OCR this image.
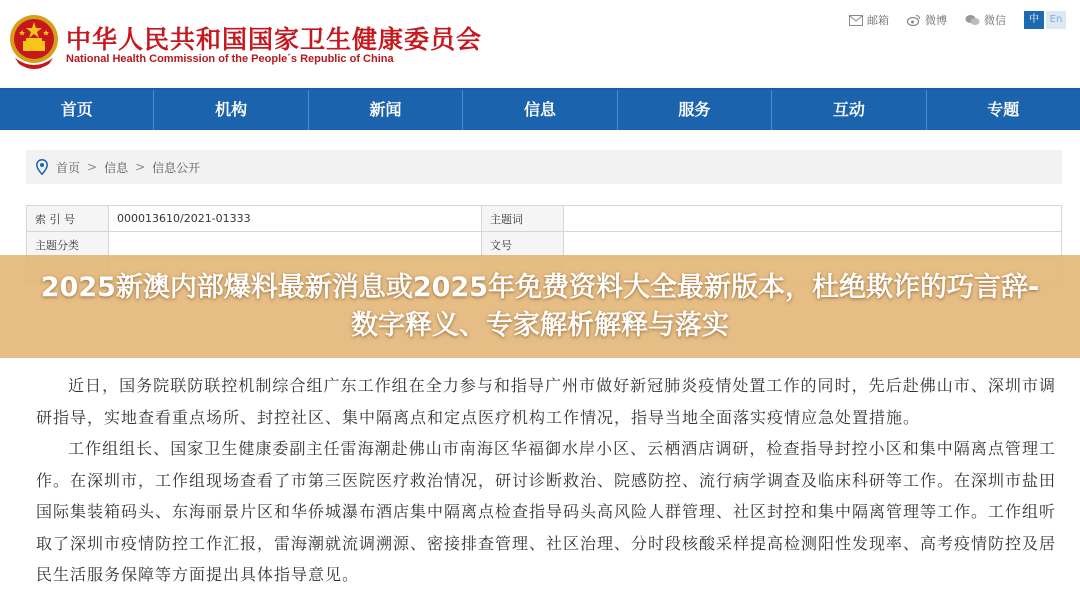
中华人民共和国国家卫生健康委员会
National Health Commission of the People´s Republic of China
邮箱	微博	微信	中	En
首页	机构	新闻	信息	服务	互动	专题
首页 > 信息 > 信息公开
索 引 号	000013610/2021-01333	主题词	
主题分类		文号	

2025新澳内部爆料最新消息或2025年免费资料大全最新版本，杜绝欺诈的巧言辞-数字释义、专家解析解释与落实

近日，国务院联防联控机制综合组广东工作组在全力参与和指导广州市做好新冠肺炎疫情处置工作的同时，先后赴佛山市、深圳市调研指导，实地查看重点场所、封控社区、集中隔离点和定点医疗机构工作情况，指导当地全面落实疫情应急处置措施。

工作组组长、国家卫生健康委副主任雷海潮赴佛山市南海区华福御水岸小区、云栖酒店调研，检查指导封控小区和集中隔离点管理工作。在深圳市，工作组现场查看了市第三医院医疗救治情况，研讨诊断救治、院感防控、流行病学调查及临床科研等工作。在深圳市盐田国际集装箱码头、东海丽景片区和华侨城瀑布酒店集中隔离点检查指导码头高风险人群管理、社区封控和集中隔离管理等工作。工作组听取了深圳市疫情防控工作汇报，雷海潮就流调溯源、密接排查管理、社区治理、分时段核酸采样提高检测阳性发现率、高考疫情防控及居民生活服务保障等方面提出具体指导意见。
